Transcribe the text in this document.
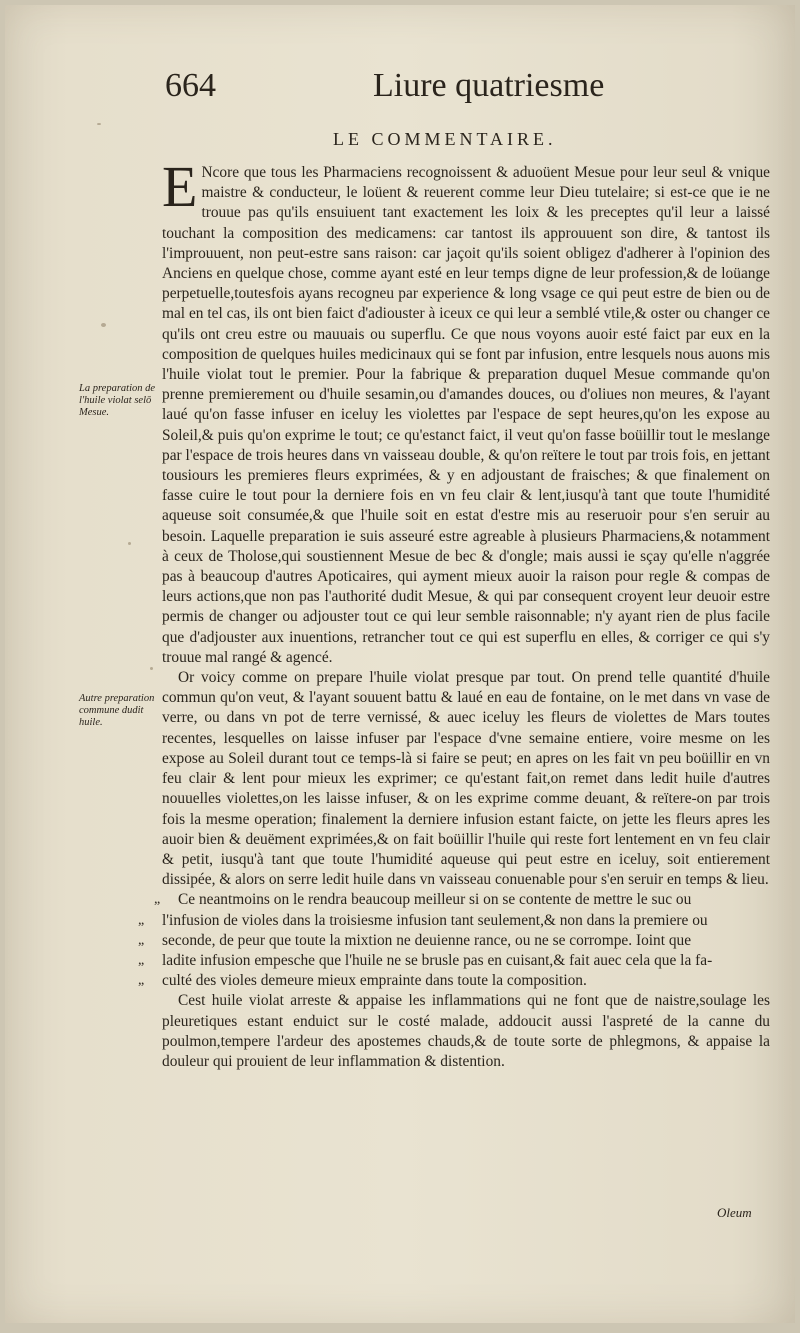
664	Liure quatriesme
LE COMMENTAIRE.
La preparation de l'huile violat selō Mesue.
Autre preparation commune dudit huile.

E Ncore que tous les Pharmaciens recognoissent & aduoüent Mesue pour leur seul & vnique maistre & conducteur, le loüent & reuerent comme leur Dieu tutelaire; si est-ce que ie ne trouue pas qu'ils ensuiuent tant exactement les loix & les preceptes qu'il leur a laissé touchant la composition des medicamens: car tantost ils approuuent son dire, & tantost ils l'improuuent, non peut-estre sans raison: car jaçoit qu'ils soient obligez d'adherer à l'opinion des Anciens en quelque chose, comme ayant esté en leur temps digne de leur profession,& de loüange perpetuelle,toutesfois ayans recogneu par experience & long vsage ce qui peut estre de bien ou de mal en tel cas, ils ont bien faict d'adiouster à iceux ce qui leur a semblé vtile,& oster ou changer ce qu'ils ont creu estre ou mauuais ou superflu. Ce que nous voyons auoir esté faict par eux en la composition de quelques huiles medicinaux qui se font par infusion, entre lesquels nous auons mis l'huile violat tout le premier. Pour la fabrique & preparation duquel Mesue commande qu'on prenne premierement ou d'huile sesamin,ou d'amandes douces, ou d'oliues non meures, & l'ayant laué qu'on fasse infuser en iceluy les violettes par l'espace de sept heures,qu'on les expose au Soleil,& puis qu'on exprime le tout; ce qu'estanct faict, il veut qu'on fasse boüillir tout le meslange par l'espace de trois heures dans vn vaisseau double, & qu'on reïtere le tout par trois fois, en jettant tousiours les premieres fleurs exprimées, & y en adjoustant de fraisches; & que finalement on fasse cuire le tout pour la derniere fois en vn feu clair & lent,iusqu'à tant que toute l'humidité aqueuse soit consumée,& que l'huile soit en estat d'estre mis au reseruoir pour s'en seruir au besoin. Laquelle preparation ie suis asseuré estre agreable à plusieurs Pharmaciens,& notamment à ceux de Tholose,qui soustiennent Mesue de bec & d'ongle; mais aussi ie sçay qu'elle n'aggrée pas à beaucoup d'autres Apoticaires, qui ayment mieux auoir la raison pour regle & compas de leurs actions,que non pas l'authorité dudit Mesue, & qui par consequent croyent leur deuoir estre permis de changer ou adjouster tout ce qui leur semble raisonnable; n'y ayant rien de plus facile que d'adjouster aux inuentions, retrancher tout ce qui est superflu en elles, & corriger ce qui s'y trouue mal rangé & agencé.

Or voicy comme on prepare l'huile violat presque par tout. On prend telle quantité d'huile commun qu'on veut, & l'ayant souuent battu & laué en eau de fontaine, on le met dans vn vase de verre, ou dans vn pot de terre vernissé, & auec iceluy les fleurs de violettes de Mars toutes recentes, lesquelles on laisse infuser par l'espace d'vne semaine entiere, voire mesme on les expose au Soleil durant tout ce temps-là si faire se peut; en apres on les fait vn peu boüillir en vn feu clair & lent pour mieux les exprimer; ce qu'estant fait,on remet dans ledit huile d'autres nouuelles violettes,on les laisse infuser, & on les exprime comme deuant, & reïtere-on par trois fois la mesme operation; finalement la derniere infusion estant faicte, on jette les fleurs apres les auoir bien & deuëment exprimées,& on fait boüillir l'huile qui reste fort lentement en vn feu clair & petit, iusqu'à tant que toute l'humidité aqueuse qui peut estre en iceluy, soit entierement dissipée, & alors on serre ledit huile dans vn vaisseau conuenable pour s'en seruir en temps & lieu.

„ Ce neantmoins on le rendra beaucoup meilleur si on se contente de mettre le suc ou
„ l'infusion de violes dans la troisiesme infusion tant seulement,& non dans la premiere ou
„ seconde, de peur que toute la mixtion ne deuienne rance, ou ne se corrompe. Ioint que
„ ladite infusion empesche que l'huile ne se brusle pas en cuisant,& fait auec cela que la fa-
„ culté des violes demeure mieux emprainte dans toute la composition.

Cest huile violat arreste & appaise les inflammations qui ne font que de naistre,soulage les pleuretiques estant enduict sur le costé malade, addoucit aussi l'aspreté de la canne du poulmon,tempere l'ardeur des apostemes chauds,& de toute sorte de phlegmons, & appaise la douleur qui prouient de leur inflammation & distention.

Oleum
